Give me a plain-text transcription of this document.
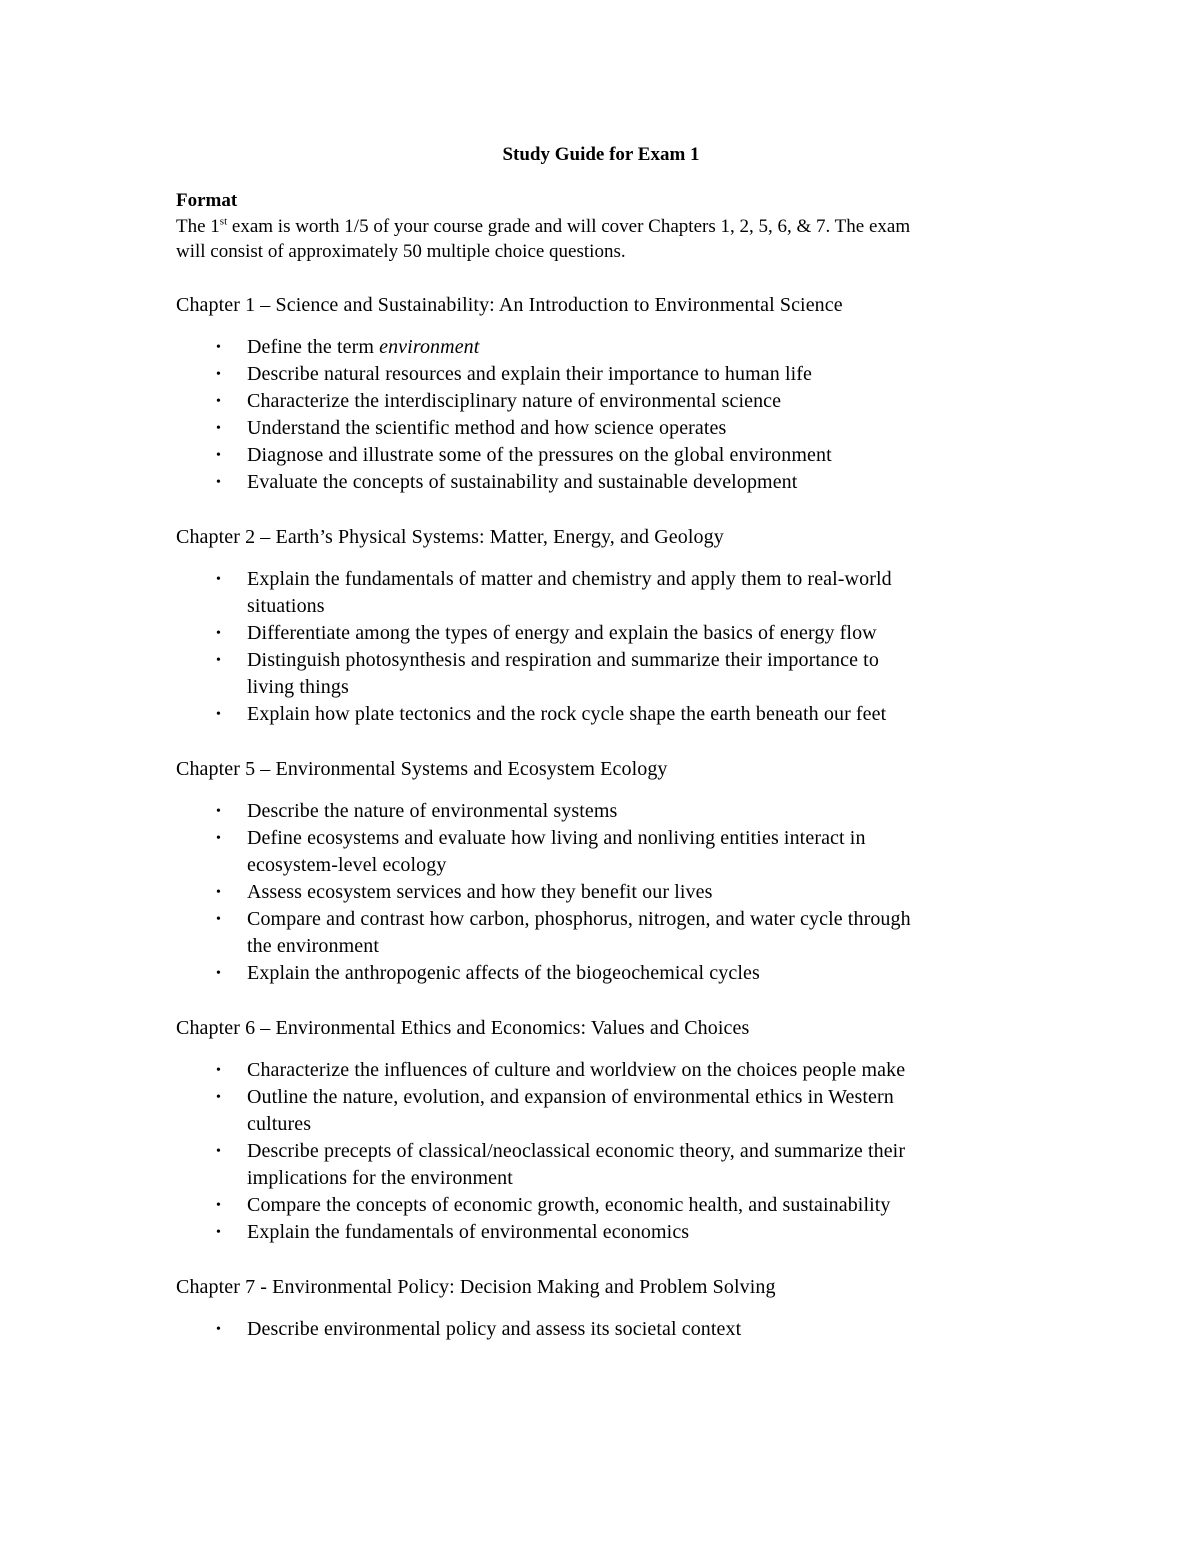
Study Guide for Exam 1
Format

The 1st exam is worth 1/5 of your course grade and will cover Chapters 1, 2, 5, 6, & 7. The exam
will consist of approximately 50 multiple choice questions.

Chapter 1 – Science and Sustainability: An Introduction to Environmental Science
• Define the term environment
• Describe natural resources and explain their importance to human life
• Characterize the interdisciplinary nature of environmental science
• Understand the scientific method and how science operates
• Diagnose and illustrate some of the pressures on the global environment
• Evaluate the concepts of sustainability and sustainable development
Chapter 2 – Earth’s Physical Systems: Matter, Energy, and Geology
• Explain the fundamentals of matter and chemistry and apply them to real-world
situations
• Differentiate among the types of energy and explain the basics of energy flow
• Distinguish photosynthesis and respiration and summarize their importance to
living things
• Explain how plate tectonics and the rock cycle shape the earth beneath our feet
Chapter 5 – Environmental Systems and Ecosystem Ecology
• Describe the nature of environmental systems
• Define ecosystems and evaluate how living and nonliving entities interact in
ecosystem-level ecology
• Assess ecosystem services and how they benefit our lives
• Compare and contrast how carbon, phosphorus, nitrogen, and water cycle through
the environment
• Explain the anthropogenic affects of the biogeochemical cycles
Chapter 6 – Environmental Ethics and Economics: Values and Choices
• Characterize the influences of culture and worldview on the choices people make
• Outline the nature, evolution, and expansion of environmental ethics in Western
cultures
• Describe precepts of classical/neoclassical economic theory, and summarize their
implications for the environment
• Compare the concepts of economic growth, economic health, and sustainability
• Explain the fundamentals of environmental economics
Chapter 7 - Environmental Policy: Decision Making and Problem Solving
• Describe environmental policy and assess its societal context
